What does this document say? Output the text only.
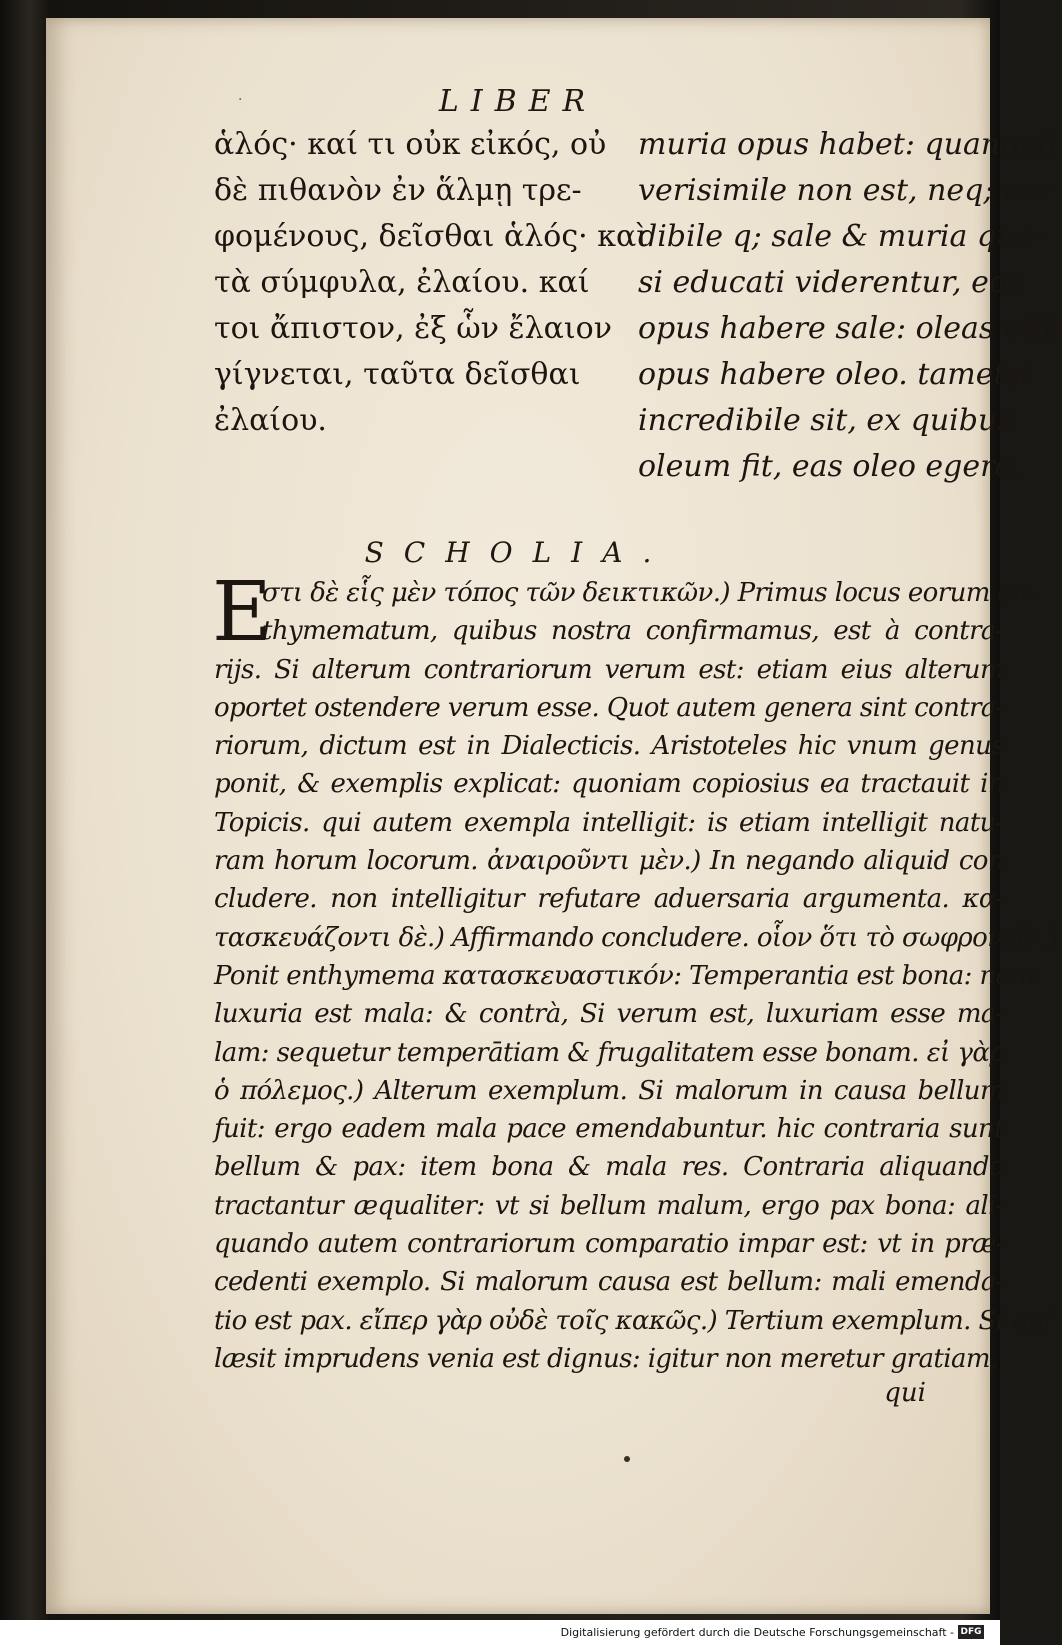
LIBER
·
ἁλός· καί τι οὐκ εἰκός, οὐ
δὲ πιθανὸν ἐν ἅλμῃ τρε-
φομένους, δεῖσθαι ἁλός· καὶ
τὰ σύμφυλα, ἐλαίου. καί
τοι ἄπιστον, ἐξ ὧν ἔλαιον
γίγνεται, ταῦτα δεῖσθαι
ἐλαίου.
muria opus habet: quanquā
verisimile non est, neq; cre-
dibile q; sale & muria qua-
si educati viderentur, eos
opus habere sale: oleas etiā
opus habere oleo. tametsi
incredibile sit, ex quibus
oleum fit, eas oleo egere.
SCHOLIA.
E
στι δὲ εἷς μὲν τόπος τῶν δεικτικῶν.) Primus locus eorum en-
thymematum, quibus nostra confirmamus, est à contra-
rijs. Si alterum contrariorum verum est: etiam eius alterum
oportet ostendere verum esse. Quot autem genera sint contra-
riorum, dictum est in Dialecticis. Aristoteles hic vnum genus
ponit, & exemplis explicat: quoniam copiosius ea tractauit in
Topicis. qui autem exempla intelligit: is etiam intelligit natu-
ram horum locorum. ἀναιροῦντι μὲν.) In negando aliquid con
cludere. non intelligitur refutare aduersaria argumenta. κα-
τασκευάζοντι δὲ.) Affirmando concludere. οἷον ὅτι τὸ σωφρονεῖν.)
Ponit enthymema κατασκευαστικόν: Temperantia est bona: nam
luxuria est mala: & contrà, Si verum est, luxuriam esse ma-
lam: sequetur temperātiam & frugalitatem esse bonam. εἰ γὰρ
ὁ πόλεμος.) Alterum exemplum. Si malorum in causa bellum
fuit: ergo eadem mala pace emendabuntur. hic contraria sunt
bellum & pax: item bona & mala res. Contraria aliquando
tractantur æqualiter: vt si bellum malum, ergo pax bona: ali-
quando autem contrariorum comparatio impar est: vt in præ-
cedenti exemplo. Si malorum causa est bellum: mali emenda-
tio est pax. εἴπερ γὰρ οὐδὲ τοῖς κακῶς.) Tertium exemplum. Si qui
læsit imprudens venia est dignus: igitur non meretur gratiam,
qui
Digitalisierung gefördert durch die Deutsche Forschungsgemeinschaft - DFG
